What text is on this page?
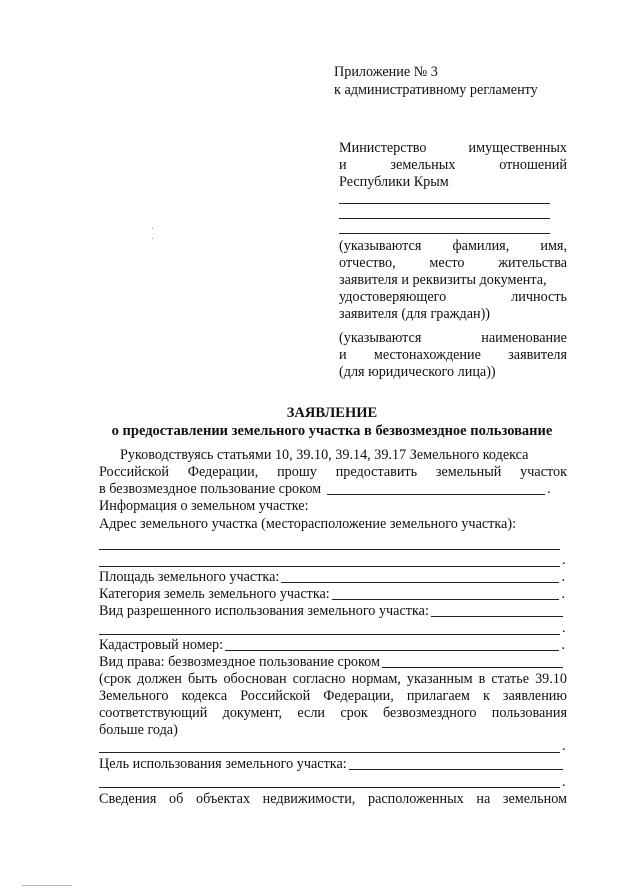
Приложение № 3
к административному регламенту
Министерство	имущественных
и	земельных	отношений
Республики Крым
(указываются фамилия, имя,
отчество, место жительства
заявителя и реквизиты документа,
удостоверяющего	личность
заявителя (для граждан))
(указываются	наименование
и местонахождение заявителя
(для юридического лица))
ЗАЯВЛЕНИЕ
о предоставлении земельного участка в безвозмездное пользование
Руководствуясь статьями 10, 39.10, 39.14, 39.17 Земельного кодекса
Российской Федерации, прошу предоставить земельный участок
в безвозмездное пользование сроком	.
Информация о земельном участке:
Адрес земельного участка (месторасположение земельного участка):
.
Площадь земельного участка:	.
Категория земель земельного участка:	.
Вид разрешенного использования земельного участка:
.
Кадастровый номер:	.
Вид права: безвозмездное пользование сроком
(срок должен быть обоснован согласно нормам, указанным в статье 39.10
Земельного кодекса Российской Федерации, прилагаем к заявлению
соответствующий документ, если срок безвозмездного пользования
больше года)
.
Цель использования земельного участка:
.
Сведения об объектах недвижимости, расположенных на земельном
